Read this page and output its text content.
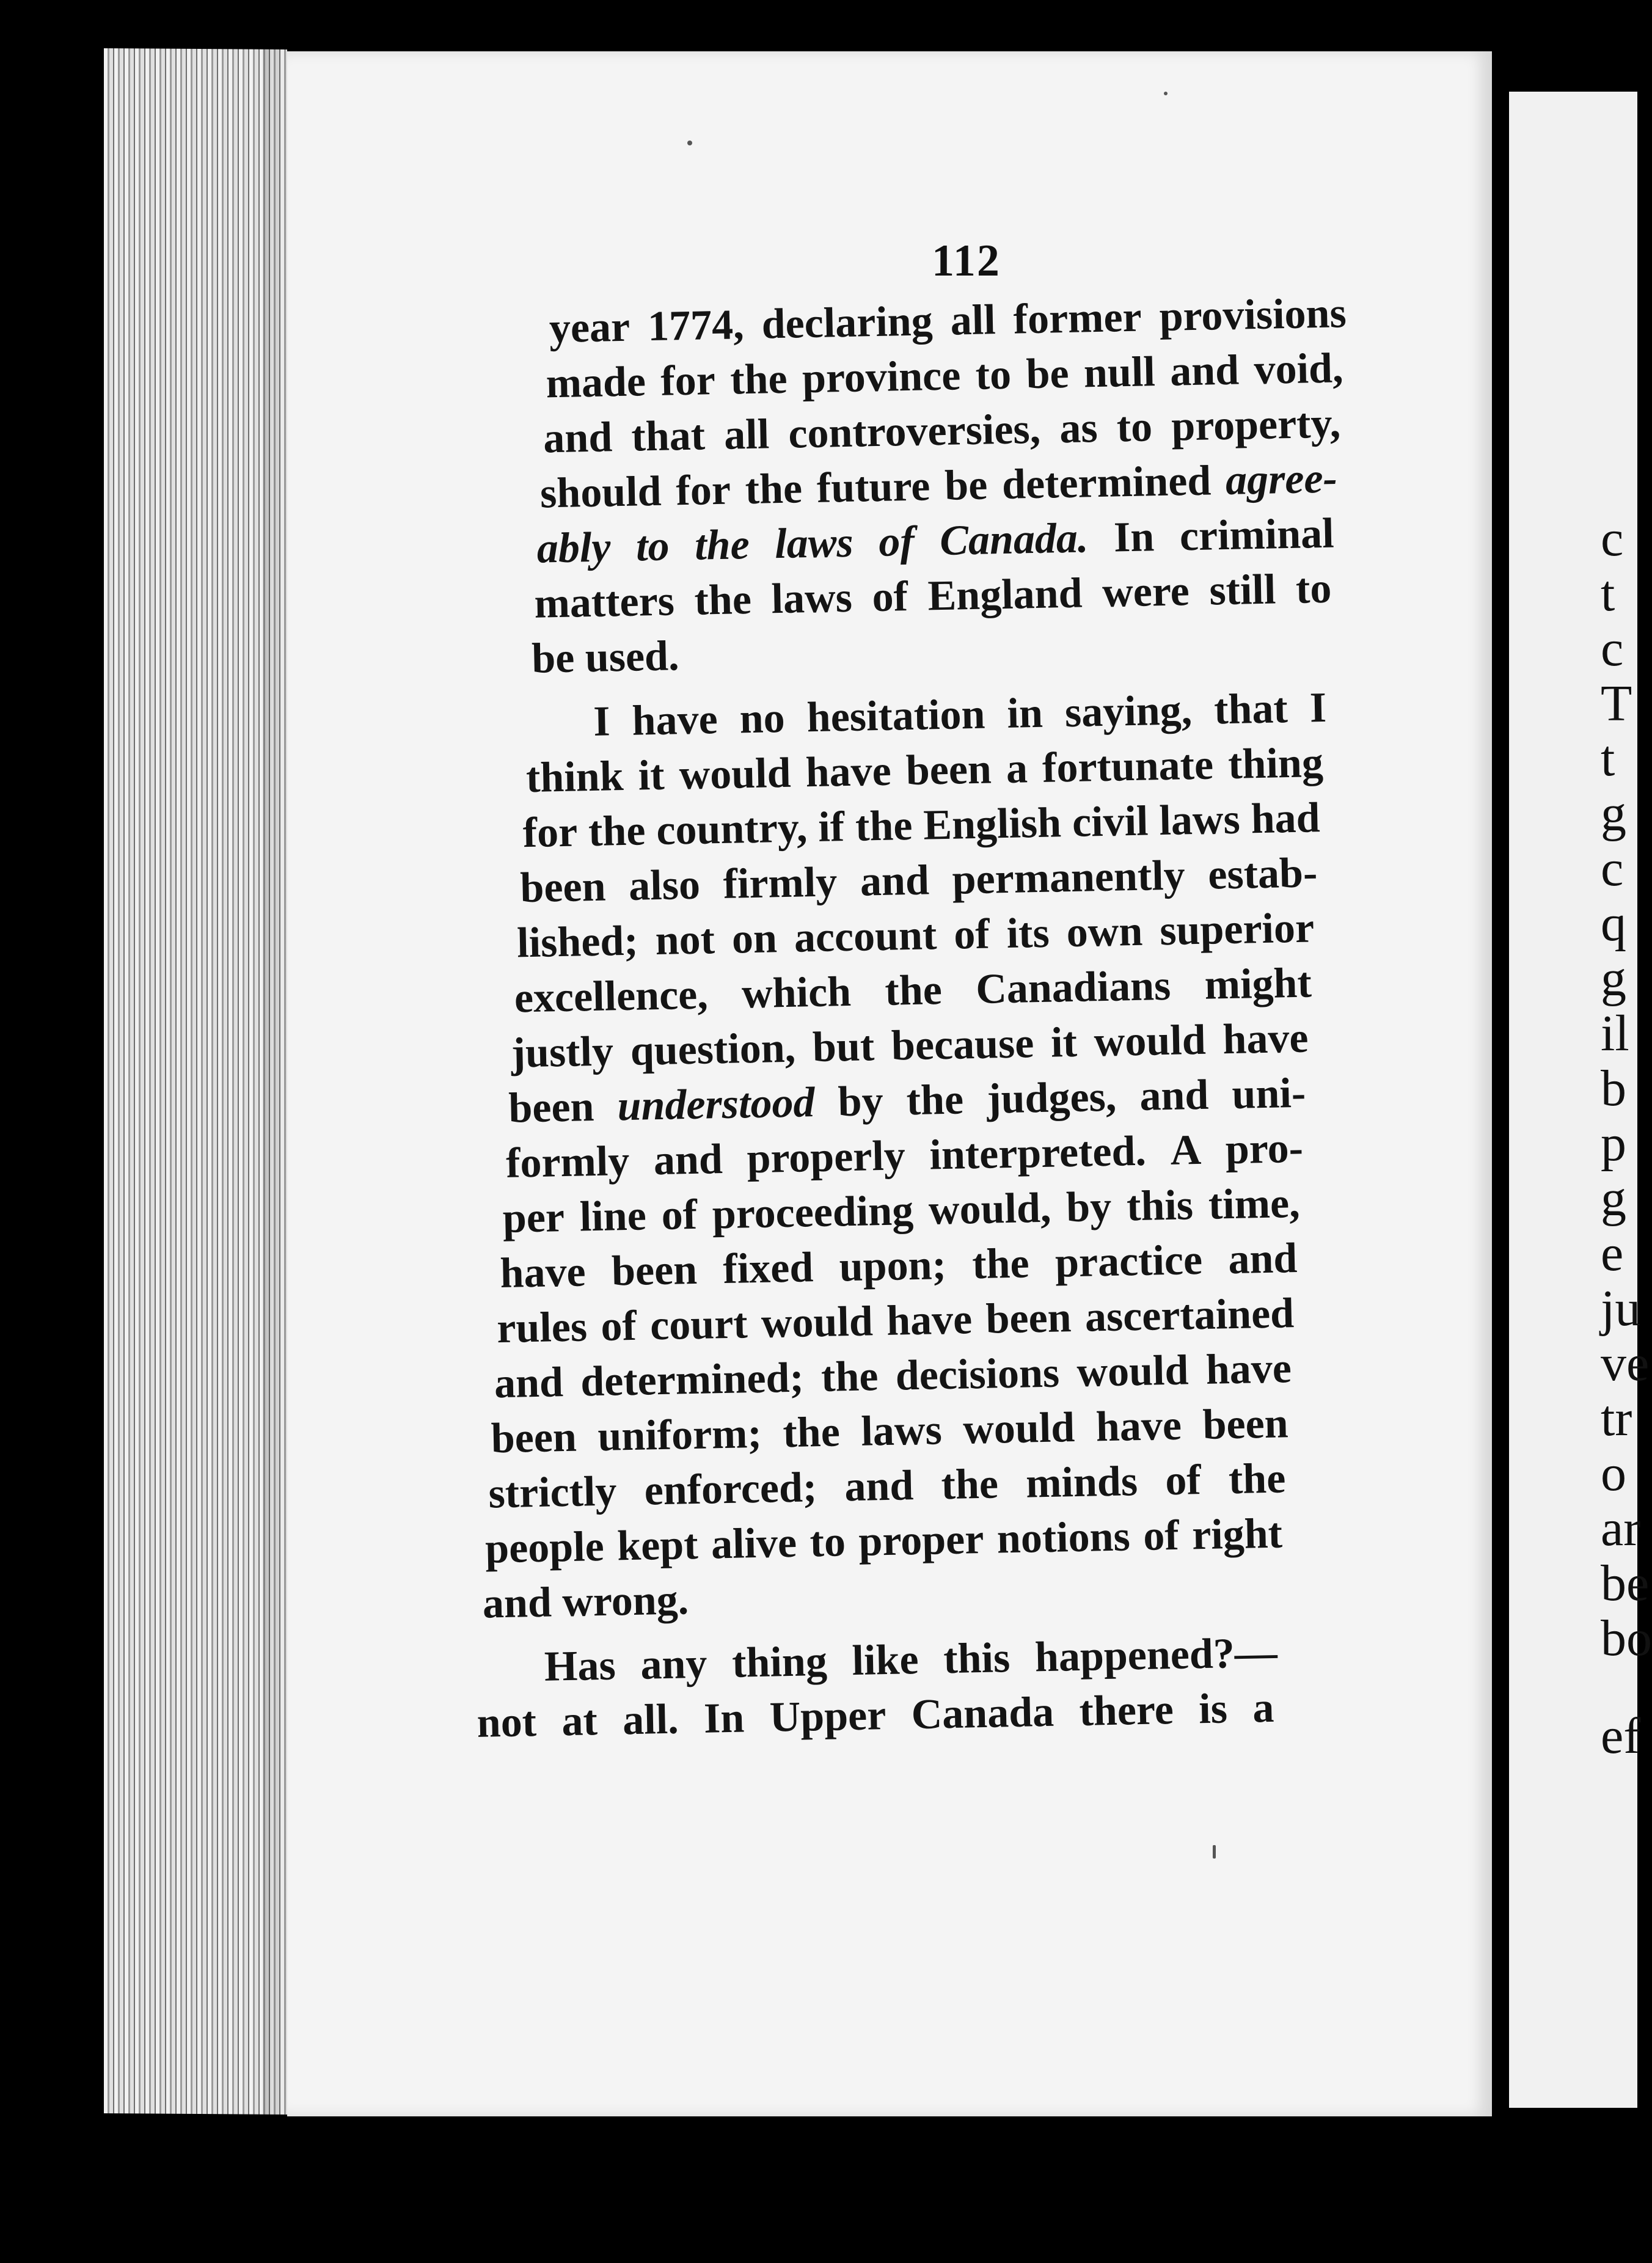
c
t
c
T
t
g
c
q
g
il
b
p
g
e
ju
ve
tr
o
ar
be
bo
ef
112
year 1774, declaring all former provisions
made for the province to be null and void,
and that all controversies, as to property,
should for the future be determined agree-
ably to the laws of Canada. In criminal
matters the laws of England were still to
be used.
I have no hesitation in saying, that I
think it would have been a fortunate thing
for the country, if the English civil laws had
been also firmly and permanently estab-
lished; not on account of its own superior
excellence, which the Canadians might
justly question, but because it would have
been understood by the judges, and uni-
formly and properly interpreted. A pro-
per line of proceeding would, by this time,
have been fixed upon; the practice and
rules of court would have been ascertained
and determined; the decisions would have
been uniform; the laws would have been
strictly enforced; and the minds of the
people kept alive to proper notions of right
and wrong.
Has any thing like this happened?—
not at all. In Upper Canada there is a
